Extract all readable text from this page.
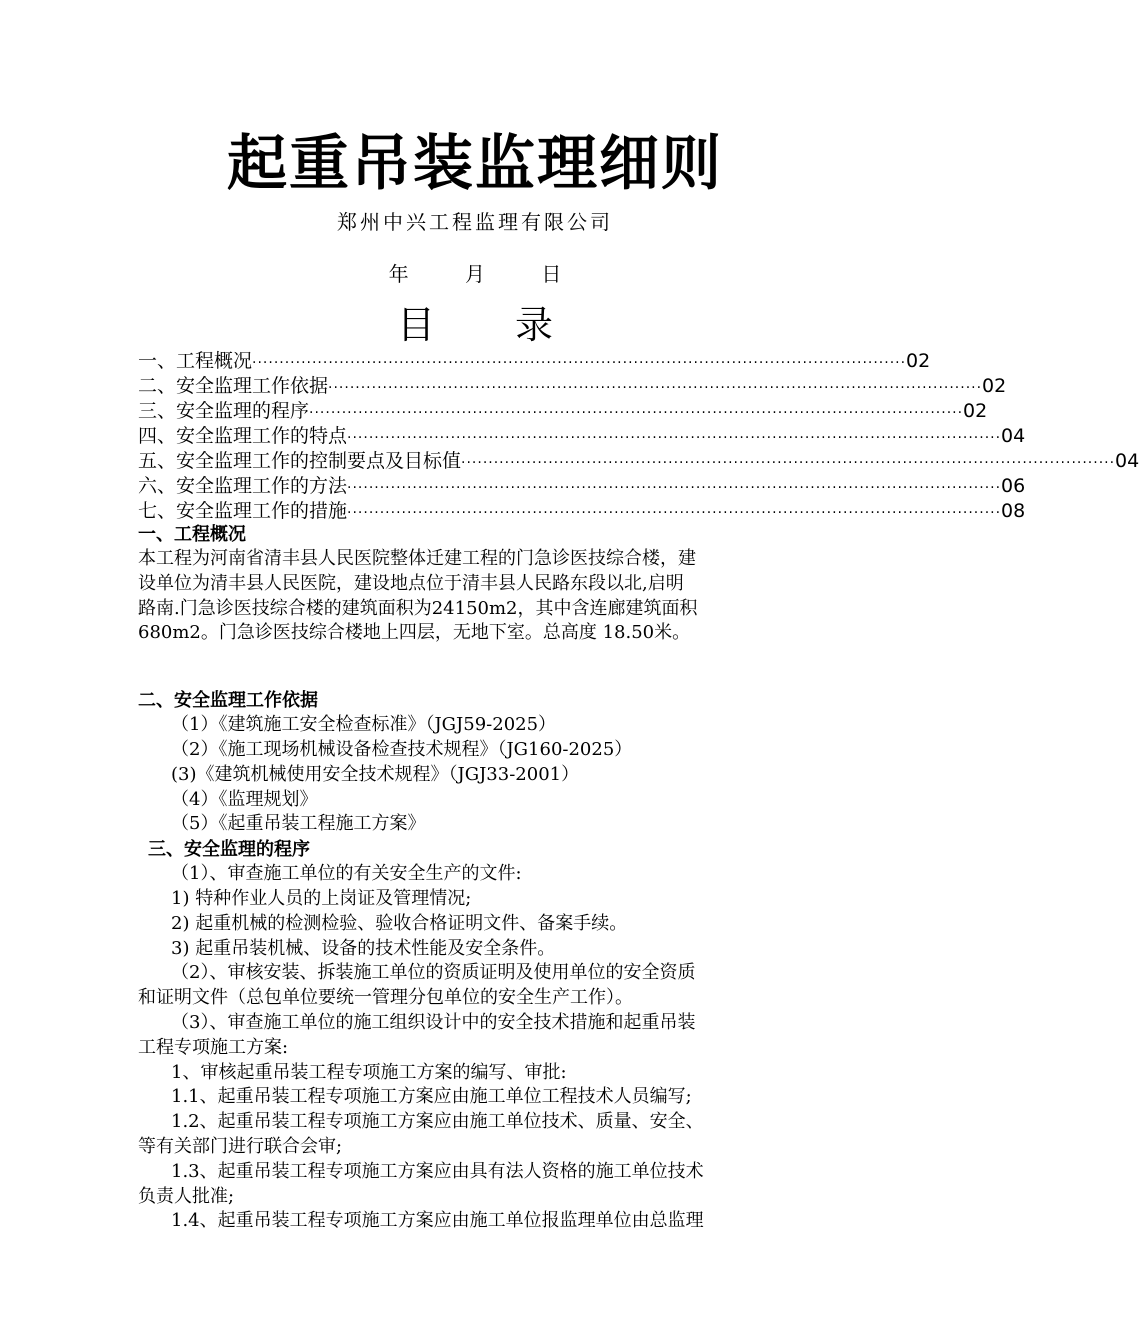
起重吊装监理细则
郑州中兴工程监理有限公司
年	月	日
目 录
一、工程概况 ························································································································ 02
二、安全监理工作依据 ························································································································ 02
三、安全监理的程序 ························································································································ 02
四、安全监理工作的特点 ························································································································ 04
五、安全监理工作的控制要点及目标值 ························································································································ 04
六、安全监理工作的方法 ························································································································ 06
七、安全监理工作的措施 ························································································································ 08
一、工程概况
本工程为河南省清丰县人民医院整体迁建工程的门急诊医技综合楼，建
设单位为清丰县人民医院，建设地点位于清丰县人民路东段以北,启明
路南.门急诊医技综合楼的建筑面积为24150m2，其中含连廊建筑面积
680m2。门急诊医技综合楼地上四层，无地下室。总高度 18.50米。
二、安全监理工作依据
（1）《建筑施工安全检查标准》（JGJ59-2025）
（2）《施工现场机械设备检查技术规程》（JG160-2025）
(3)《建筑机械使用安全技术规程》（JGJ33-2001）
（4）《监理规划》
（5）《起重吊装工程施工方案》
三、安全监理的程序
（1）、审查施工单位的有关安全生产的文件:
1) 特种作业人员的上岗证及管理情况;
2) 起重机械的检测检验、验收合格证明文件、备案手续。
3) 起重吊装机械、设备的技术性能及安全条件。
（2）、审核安装、拆装施工单位的资质证明及使用单位的安全资质
和证明文件（总包单位要统一管理分包单位的安全生产工作）。
（3）、审查施工单位的施工组织设计中的安全技术措施和起重吊装
工程专项施工方案:
1、审核起重吊装工程专项施工方案的编写、审批:
1.1、起重吊装工程专项施工方案应由施工单位工程技术人员编写;
1.2、起重吊装工程专项施工方案应由施工单位技术、质量、安全、
等有关部门进行联合会审;
1.3、起重吊装工程专项施工方案应由具有法人资格的施工单位技术
负责人批准;
1.4、起重吊装工程专项施工方案应由施工单位报监理单位由总监理
